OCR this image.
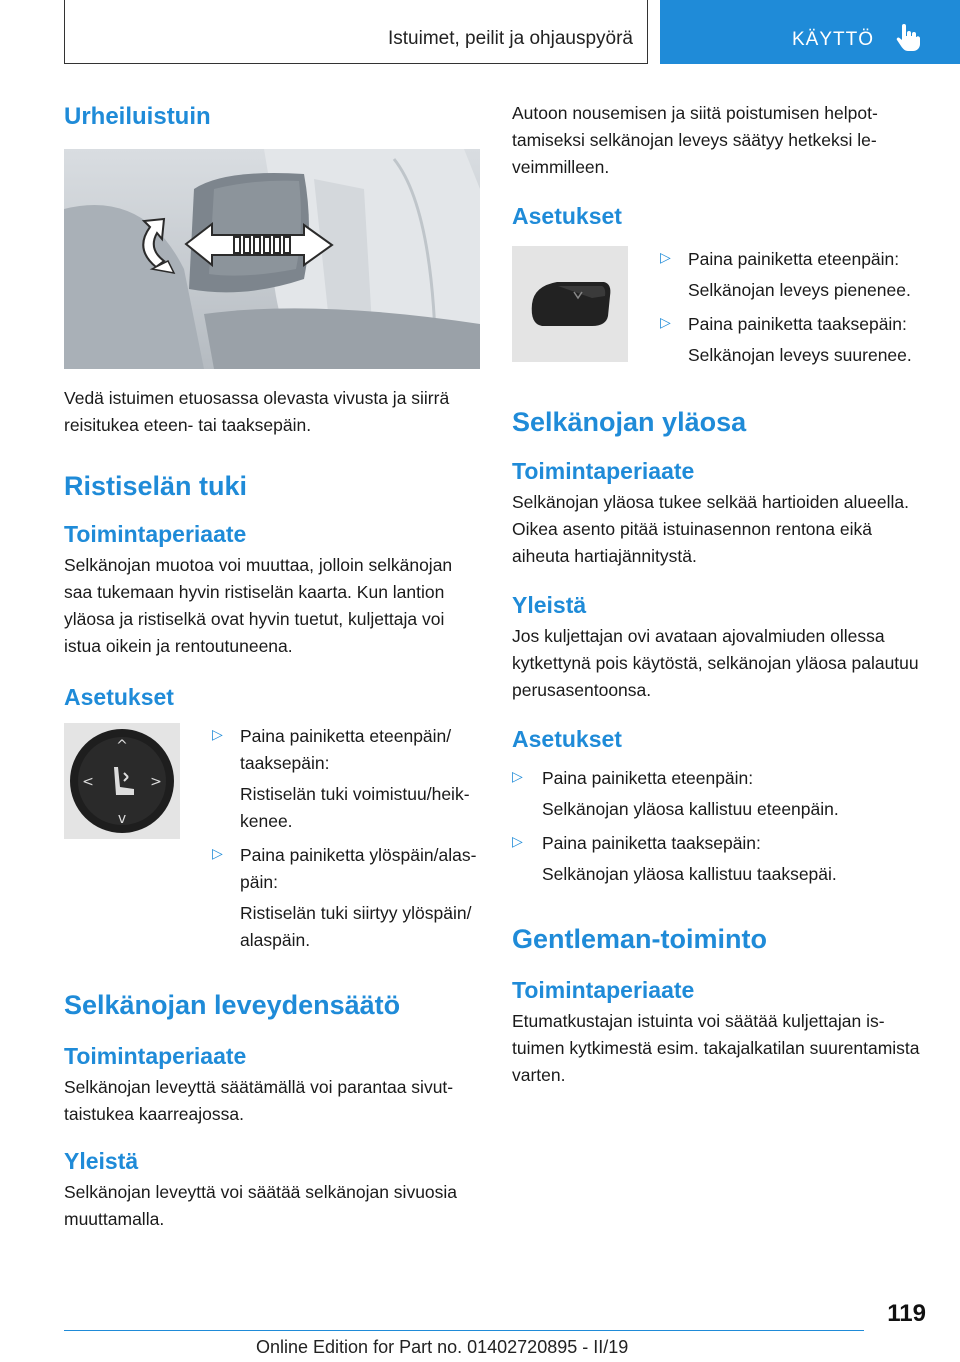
Istuimet, peilit ja ohjauspyörä	KÄYTTÖ
Urheiluistuin

Vedä istuimen etuosassa olevasta vivusta ja siirrä reisitukea eteen- tai taaksepäin.

Ristiselän tuki
Toimintaperiaate

Selkänojan muotoa voi muuttaa, jolloin selkänojan saa tukemaan hyvin ristiselän kaarta. Kun lantion yläosa ja ristiselkä ovat hyvin tuetut, kuljettaja voi istua oikein ja rentoutuneena.

Asetukset
^
v
<	>
▷ Paina painiketta eteenpäin/ taaksepäin:

Ristiselän tuki voimistuu/heikkenee.

▷ Paina painiketta ylöspäin/alaspäin:

Ristiselän tuki siirtyy ylöspäin/ alaspäin.

Selkänojan leveydensäätö
Toimintaperiaate

Selkänojan leveyttä säätämällä voi parantaa sivuttaistukea kaarreajossa.

Yleistä

Selkänojan leveyttä voi säätää selkänojan sivuosia muuttamalla.

Autoon nousemisen ja siitä poistumisen helpottamiseksi selkänojan leveys säätyy hetkeksi leveimmilleen.

Asetukset
▷ Paina painiketta eteenpäin:

Selkänojan leveys pienenee.

▷ Paina painiketta taaksepäin:

Selkänojan leveys suurenee.

Selkänojan yläosa
Toimintaperiaate

Selkänojan yläosa tukee selkää hartioiden alueella. Oikea asento pitää istuinasennon rentona eikä aiheuta hartiajännitystä.

Yleistä

Jos kuljettajan ovi avataan ajovalmiuden ollessa kytkettynä pois käytöstä, selkänojan yläosa palautuu perusasentoonsa.

Asetukset
▷ Paina painiketta eteenpäin:

Selkänojan yläosa kallistuu eteenpäin.

▷ Paina painiketta taaksepäin:

Selkänojan yläosa kallistuu taaksepäi.

Gentleman-toiminto
Toimintaperiaate

Etumatkustajan istuinta voi säätää kuljettajan istuimen kytkimestä esim. takajalkatilan suurentamista varten.

119
Online Edition for Part no. 01402720895 - II/19
